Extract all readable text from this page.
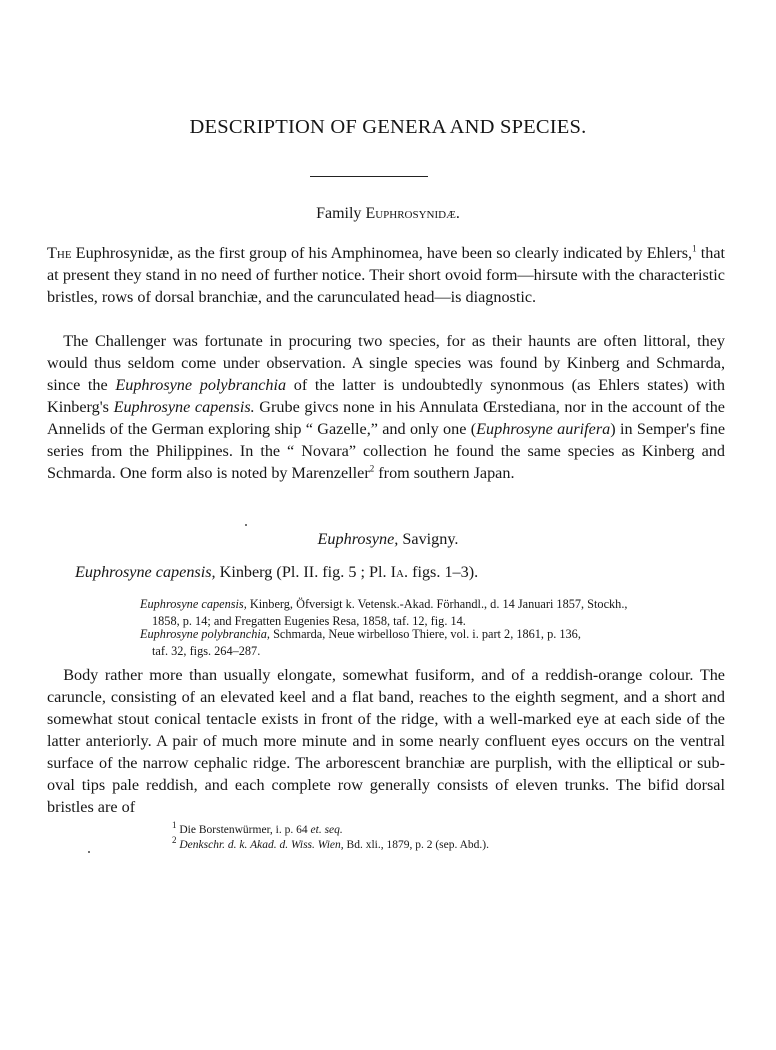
DESCRIPTION OF GENERA AND SPECIES.
Family Euphrosynidæ.

The Euphrosynidæ, as the first group of his Amphinomea, have been so clearly indicated by Ehlers,$^1$ that at present they stand in no need of further notice. Their short ovoid form—hirsute with the characteristic bristles, rows of dorsal branchiæ, and the carunculated head—is diagnostic.

 The Challenger was fortunate in procuring two species, for as their haunts are often littoral, they would thus seldom come under observation. A single species was found by Kinberg and Schmarda, since the Euphrosyne polybranchia of the latter is undoubtedly synonmous (as Ehlers states) with Kinberg's Euphrosyne capensis. Grube givcs none in his Annulata Œrstediana, nor in the account of the Annelids of the German exploring ship “ Gazelle,” and only one (Euphrosyne aurifera) in Semper's fine series from the Philippines. In the “ Novara” collection he found the same species as Kinberg and Schmarda. One form also is noted by Marenzeller$^2$ from southern Japan.

Euphrosyne, Savigny.
Euphrosyne capensis, Kinberg (Pl. II. fig. 5 ; Pl. Ia. figs. 1–3).

Euphrosyne capensis, Kinberg, Öfversigt k. Vetensk.-Akad. Förhandl., d. 14 Januari 1857, Stockh.,
1858, p. 14; and Fregatten Eugenies Resa, 1858, taf. 12, fig. 14.

Euphrosyne polybranchia, Schmarda, Neue wirbelloso Thiere, vol. i. part 2, 1861, p. 136,
taf. 32, figs. 264–287.

 Body rather more than usually elongate, somewhat fusiform, and of a reddish-orange colour. The caruncle, consisting of an elevated keel and a flat band, reaches to the eighth segment, and a short and somewhat stout conical tentacle exists in front of the ridge, with a well-marked eye at each side of the latter anteriorly. A pair of much more minute and in some nearly confluent eyes occurs on the ventral surface of the narrow cephalic ridge. The arborescent branchiæ are purplish, with the elliptical or sub-oval tips pale reddish, and each complete row generally consists of eleven trunks. The bifid dorsal bristles are of

$^1$ Die Borstenwürmer, i. p. 64 et. seq.

$^2$ Denkschr. d. k. Akad. d. Wiss. Wien, Bd. xli., 1879, p. 2 (sep. Abd.).
